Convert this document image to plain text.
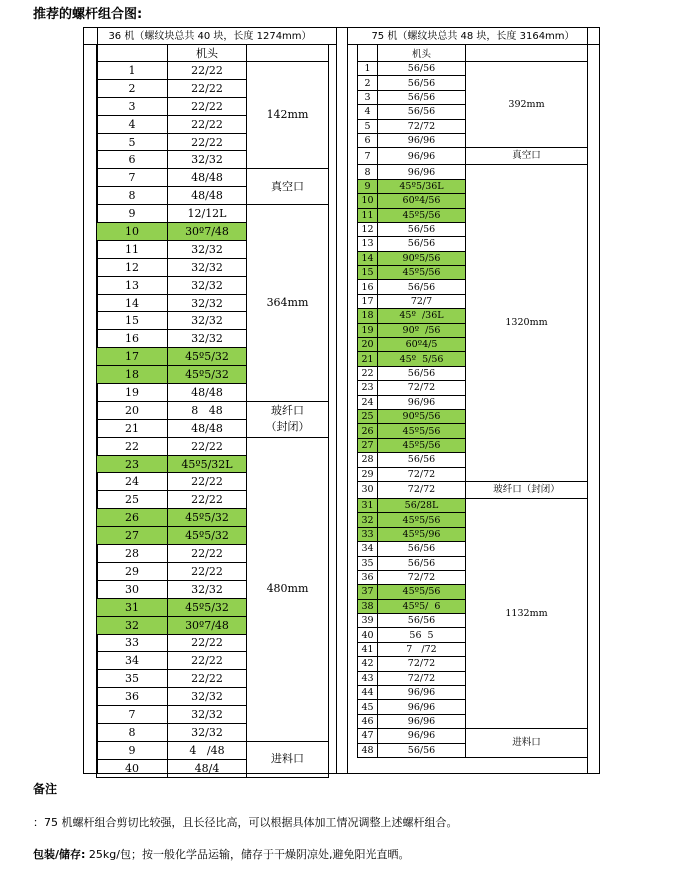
推荐的螺杆组合图:
36 机（螺纹块总共 40 块，长度 1274mm）	75 机（螺纹块总共 48 块，长度 3164mm）
	机头	
1	22/22	142mm
2	22/22	
3	22/22	
4	22/22	
5	22/22	
6	32/32	
7	48/48	真空口
8	48/48	
9	12/12L	364mm
10	30º7/48	
11	32/32	
12	32/32	
13	32/32	
14	32/32	
15	32/32	
16	32/32	
17	45º5/32	
18	45º5/32	
19	48/48	
20	8   48	玻纤口
（封闭）
21	48/48	
22	22/22	480mm
23	45º5/32L	
24	22/22	
25	22/22	
26	45º5/32	
27	45º5/32	
28	22/22	
29	22/22	
30	32/32	
31	45º5/32	
32	30º7/48	
33	22/22	
34	22/22	
35	22/22	
36	32/32	
7	32/32	
8	32/32	
9	4   /48	进料口
40	48/4	
	机头	
1	56/56	392mm
2	56/56	
3	56/56	
4	56/56	
5	72/72	
6	96/96	
7	96/96	真空口
8	96/96	1320mm
9	45º5/36L	
10	60º4/56	
11	45º5/56	
12	56/56	
13	56/56	
14	90º5/56	
15	45º5/56	
16	56/56	
17	72/7	
18	45º  /36L	
19	90º  /56	
20	60º4/5	
21	45º  5/56	
22	56/56	
23	72/72	
24	96/96	
25	90º5/56	
26	45º5/56	
27	45º5/56	
28	56/56	
29	72/72	
30	72/72	玻纤口（封闭）
31	56/28L	1132mm
32	45º5/56	
33	45º5/96	
34	56/56	
35	56/56	
36	72/72	
37	45º5/56	
38	45º5/  6	
39	56/56	
40	56  5	
41	7   /72	
42	72/72	
43	72/72	
44	96/96	
45	96/96	
46	96/96	
47	96/96	进料口
48	56/56	
备注
：75 机螺杆组合剪切比较强，且长径比高，可以根据具体加工情况调整上述螺杆组合。
包装/储存: 25kg/包；按一般化学品运输，储存于干燥阴凉处,避免阳光直晒。
